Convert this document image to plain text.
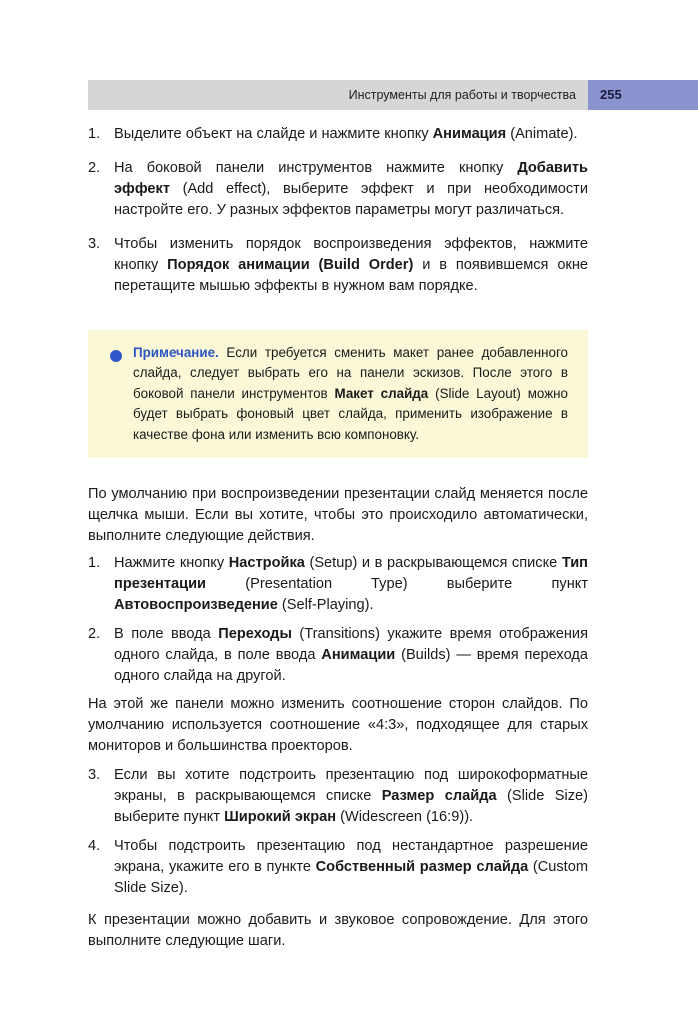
Инструменты для работы и творчества 255
1. Выделите объект на слайде и нажмите кнопку Анимация (Animate).
2. На боковой панели инструментов нажмите кнопку Добавить эффект (Add effect), выберите эффект и при необходимости настройте его. У разных эффектов параметры могут различаться.
3. Чтобы изменить порядок воспроизведения эффектов, нажмите кнопку Порядок анимации (Build Order) и в появившемся окне перетащите мышью эффекты в нужном вам порядке.

Примечание. Если требуется сменить макет ранее добавленного слайда, следует выбрать его на панели эскизов. После этого в боковой панели инструментов Макет слайда (Slide Layout) можно будет выбрать фоновый цвет слайда, применить изображение в качестве фона или изменить всю компоновку.

По умолчанию при воспроизведении презентации слайд меняется после щелчка мыши. Если вы хотите, чтобы это происходило автоматически, выполните следующие действия.

1. Нажмите кнопку Настройка (Setup) и в раскрывающемся списке Тип презентации (Presentation Type) выберите пункт Автовоспроизведение (Self-Playing).
2. В поле ввода Переходы (Transitions) укажите время отображения одного слайда, в поле ввода Анимации (Builds) — время перехода одного слайда на другой.

На этой же панели можно изменить соотношение сторон слайдов. По умолчанию используется соотношение «4:3», подходящее для старых мониторов и большинства проекторов.

3. Если вы хотите подстроить презентацию под широкоформатные экраны, в раскрывающемся списке Размер слайда (Slide Size) выберите пункт Широкий экран (Widescreen (16:9)).
4. Чтобы подстроить презентацию под нестандартное разрешение экрана, укажите его в пункте Собственный размер слайда (Custom Slide Size).

К презентации можно добавить и звуковое сопровождение. Для этого выполните следующие шаги.
